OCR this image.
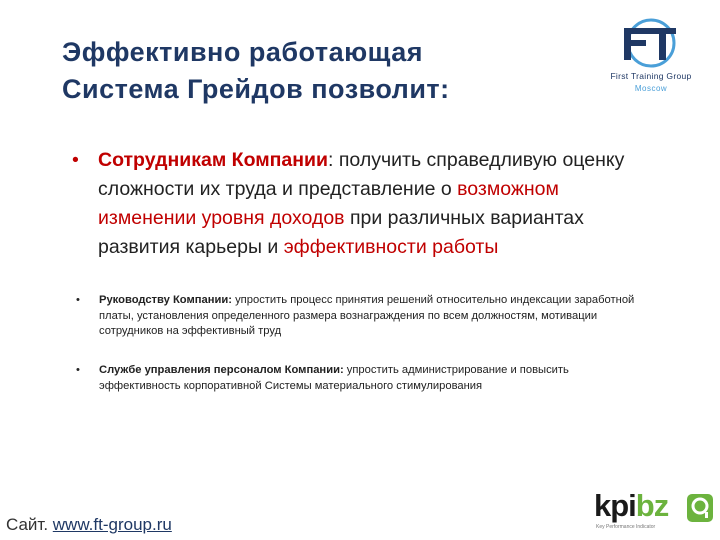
Эффективно работающая
Система Грейдов позволит:	First Training Group
Moscow
• Сотрудникам Компании: получить справедливую оценку сложности их труда и представление о возможном изменении уровня доходов при различных вариантах развития карьеры и эффективности работы
• Руководству Компании: упростить процесс принятия решений относительно индексации заработной платы, установления определенного размера вознаграждения по всем должностям, мотивации сотрудников на эффективный труд
• Службе управления персоналом Компании: упростить администрирование и повысить эффективность корпоративной Системы материального стимулирования
Сайт. www.ft-group.ru
kpibz
Key Performance Indicator
